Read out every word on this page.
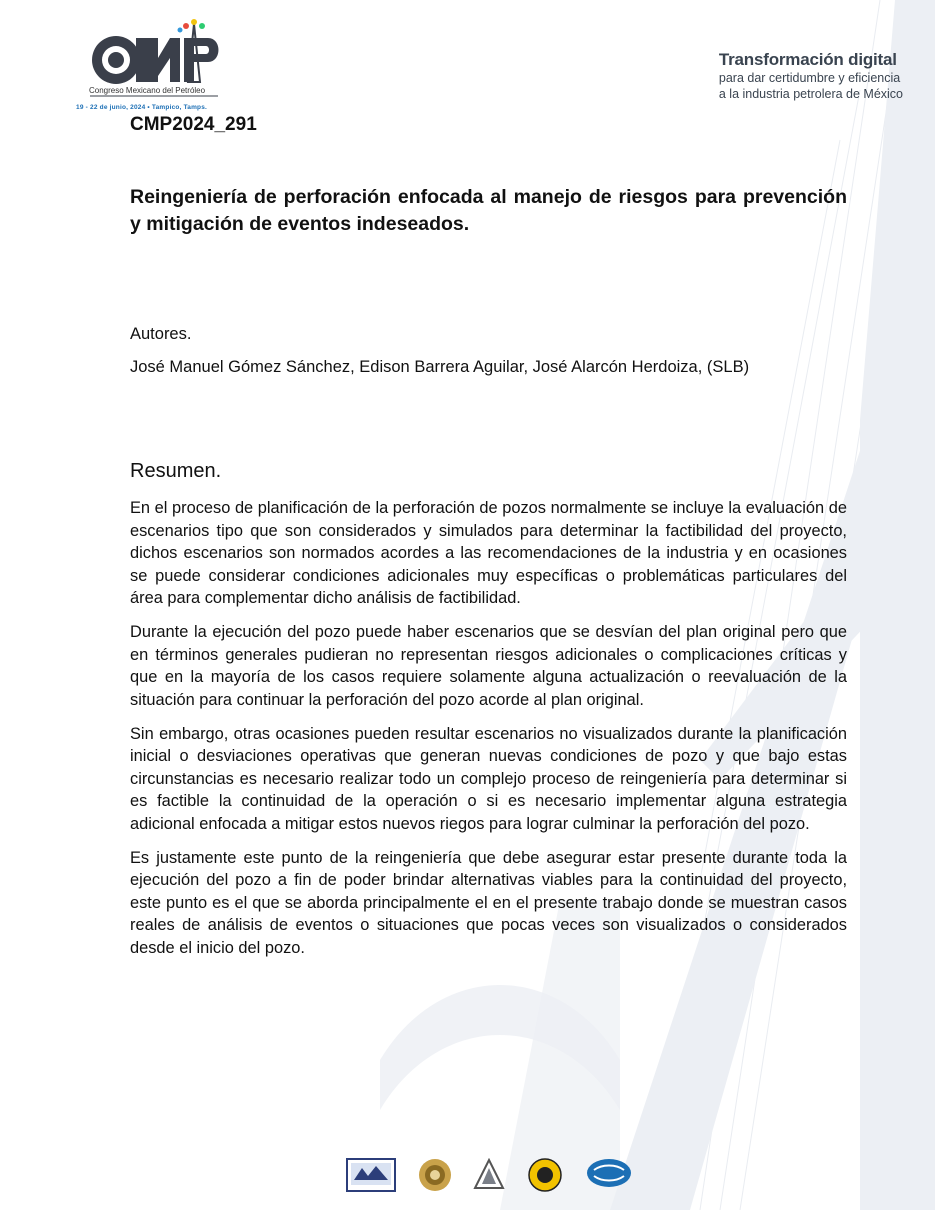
Congreso Mexicano del Petróleo
19 - 22 de junio, 2024 • Tampico, Tamps.
Transformación digital
para dar certidumbre y eficiencia
a la industria petrolera de México
CMP2024_291
Reingeniería de perforación enfocada al manejo de riesgos para prevención y mitigación de eventos indeseados.
Autores.
José Manuel Gómez Sánchez, Edison Barrera Aguilar, José Alarcón Herdoiza, (SLB)
Resumen.

En el proceso de planificación de la perforación de pozos normalmente se incluye la evaluación de escenarios tipo que son considerados y simulados para determinar la factibilidad del proyecto, dichos escenarios son normados acordes a las recomendaciones de la industria y en ocasiones se puede considerar condiciones adicionales muy específicas o problemáticas particulares del área para complementar dicho análisis de factibilidad.

Durante la ejecución del pozo puede haber escenarios que se desvían del plan original pero que en términos generales pudieran no representan riesgos adicionales o complicaciones críticas y que en la mayoría de los casos requiere solamente alguna actualización o reevaluación de la situación para continuar la perforación del pozo acorde al plan original.

Sin embargo, otras ocasiones pueden resultar escenarios no visualizados durante la planificación inicial o desviaciones operativas que generan nuevas condiciones de pozo y que bajo estas circunstancias es necesario realizar todo un complejo proceso de reingeniería para determinar si es factible la continuidad de la operación o si es necesario implementar alguna estrategia adicional enfocada a mitigar estos nuevos riegos para lograr culminar la perforación del pozo.

Es justamente este punto de la reingeniería que debe asegurar estar presente durante toda la ejecución del pozo a fin de poder brindar alternativas viables para la continuidad del proyecto, este punto es el que se aborda principalmente el en el presente trabajo donde se muestran casos reales de análisis de eventos o situaciones que pocas veces son visualizados o considerados desde el inicio del pozo.
